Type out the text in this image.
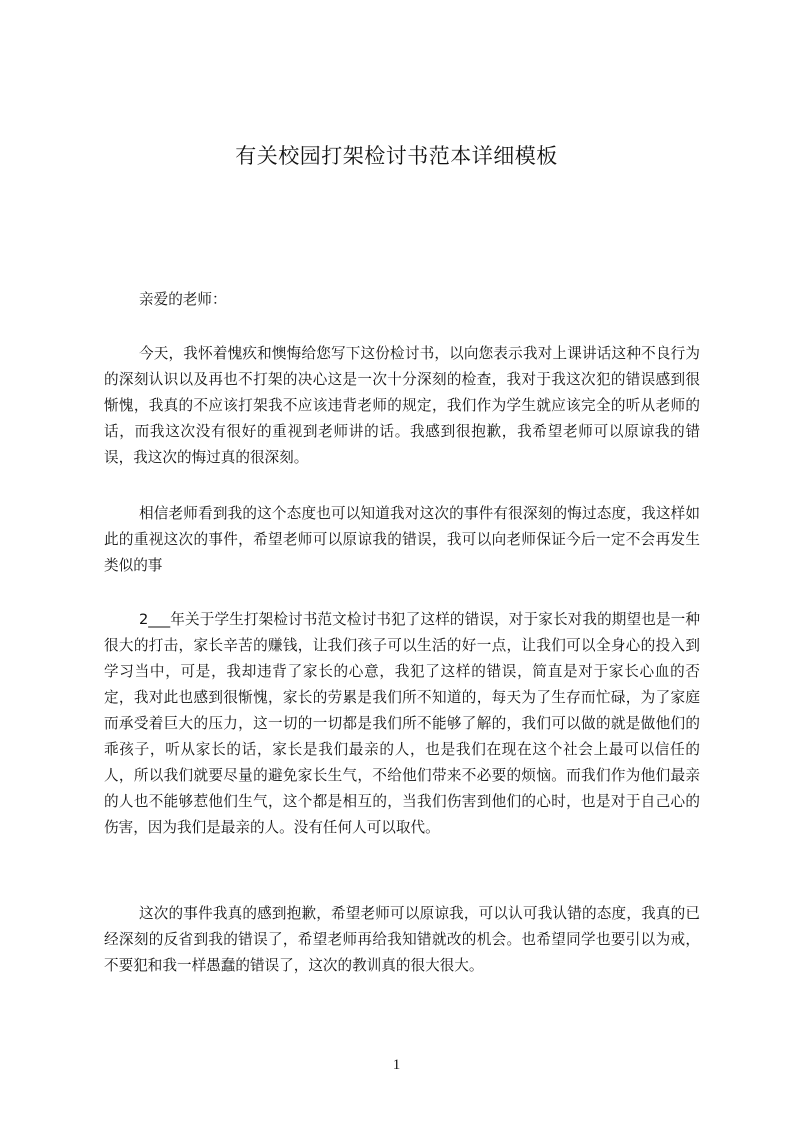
有关校园打架检讨书范本详细模板
亲爱的老师：
今天，我怀着愧疚和懊悔给您写下这份检讨书，以向您表示我对上课讲话这种不良行为的深刻认识以及再也不打架的决心这是一次十分深刻的检查，我对于我这次犯的错误感到很惭愧，我真的不应该打架我不应该违背老师的规定，我们作为学生就应该完全的听从老师的话，而我这次没有很好的重视到老师讲的话。我感到很抱歉，我希望老师可以原谅我的错误，我这次的悔过真的很深刻。
相信老师看到我的这个态度也可以知道我对这次的事件有很深刻的悔过态度，我这样如此的重视这次的事件，希望老师可以原谅我的错误，我可以向老师保证今后一定不会再发生类似的事
2___年关于学生打架检讨书范文检讨书犯了这样的错误，对于家长对我的期望也是一种很大的打击，家长辛苦的赚钱，让我们孩子可以生活的好一点，让我们可以全身心的投入到学习当中，可是，我却违背了家长的心意，我犯了这样的错误，简直是对于家长心血的否定，我对此也感到很惭愧，家长的劳累是我们所不知道的，每天为了生存而忙碌，为了家庭而承受着巨大的压力，这一切的一切都是我们所不能够了解的，我们可以做的就是做他们的乖孩子，听从家长的话，家长是我们最亲的人，也是我们在现在这个社会上最可以信任的人，所以我们就要尽量的避免家长生气，不给他们带来不必要的烦恼。而我们作为他们最亲的人也不能够惹他们生气，这个都是相互的，当我们伤害到他们的心时，也是对于自己心的伤害，因为我们是最亲的人。没有任何人可以取代。
这次的事件我真的感到抱歉，希望老师可以原谅我，可以认可我认错的态度，我真的已经深刻的反省到我的错误了，希望老师再给我知错就改的机会。也希望同学也要引以为戒，不要犯和我一样愚蠢的错误了，这次的教训真的很大很大。
1
